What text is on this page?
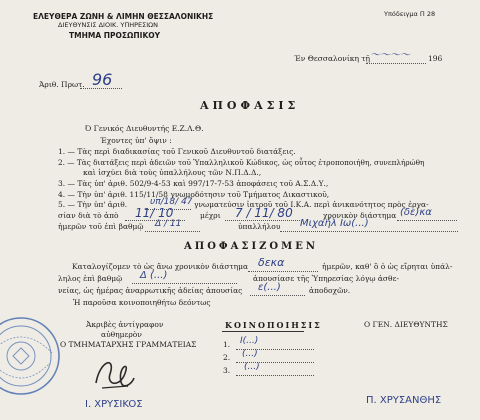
ΕΛΕΥΘΕΡΑ ΖΩΝΗ & ΛΙΜΗΝ ΘΕΣΣΑΛΟΝΙΚΗΣ
ΔΙΕΥΘΥΝΣΙΣ ΔΙΟΙΚ. ΥΠΗΡΕΣΙΩΝ
ΤΜΗΜΑ ΠΡΟΣΩΠΙΚΟΥ
Υπόδειγμα Π 28
Έν Θεσσαλονίκη τῇ 〜〜〜〜 196
Άριθ. Πρωτ. 96
ΑΠΟΦΑΣΙΣ
Ό Γενικός Διευθυντής Ε.Ζ.Λ.Θ.
Έχοντες ὑπ' ὄψιν :
1. — Τὰς περὶ διαδικασίας τοῦ Γενικοῦ Διευθυντοῦ διατάξεις.
2. — Τὰς διατάξεις περὶ ἀδειῶν τοῦ Ὑπαλληλικοῦ Κώδικος, ὡς οὗτος ἐτροποποιήθη, συνεπλήρώθη
καὶ ἰσχύει διὰ τοὺς ὑπαλλήλους τῶν Ν.Π.Δ.Δ.,
3. — Τὰς ὑπ' ἀριθ. 502/9-4-53 καὶ 997/17-7-53 ἀποφάσεις τοῦ Α.Σ.Δ.Υ.,
4. — Τὴν ὑπ' ἀριθ. 115/11/58 γνωμοδότησιν τοῦ Τμήματος Δικαστικοῦ,
5. — Τὴν ὑπ' ἀριθ.	υπ/18/ 47 γνωματεύσιν ἰατροῦ τοῦ Ι.Κ.Α. περὶ ἀνικανότητος πρὸς ἐργα-
σίαν διὰ τὸ ἀπὸ 11/ 10	μέχρι 7 / 11/ 80	χρονικὸν διάστημα (δε)κα
ἡμερῶν τοῦ ἐπὶ βαθμῷ Δ / 11	ὑπαλλήλου Μιχαήλ Ιω(...)
ΑΠΟΦΑΣΙΖΟΜΕΝ
Καταλογίζομεν τὸ ὡς ἄνω χρονικὸν διάστημα δεκα	ἡμερῶν, καθ' ὃ ὁ ὡς εἴρηται ὑπάλ-
ληλος ἐπὶ βαθμῷ Δ (...)	ἀπουσίασε τῆς Ὑπηρεσίας λόγῳ ἀσθε-
νείας, ὡς ἡμέρας ἀναρρωτικῆς ἀδείας ἀπουσίας ε(...)	ἀποδοχῶν.
Ἡ παροῦσα κοινοποιηθήτω δεόντως
Ἀκριβὲς ἀντίγραφον
αὐθημερὸν
Ο ΤΜΗΜΑΤΑΡΧΗΣ ΓΡΑΜΜΑΤΕΙΑΣ
ΚΟΙΝΟΠΟΙΗΣΙΣ	Ο ΓΕΝ. ΔΙΕΥΘΥΝΤΗΣ
1. Ι(...)
2. (...)
3. (...)
I. XPYΣIKOΣ	Π. ΧΡΥΣΑΝΘΗΣ
